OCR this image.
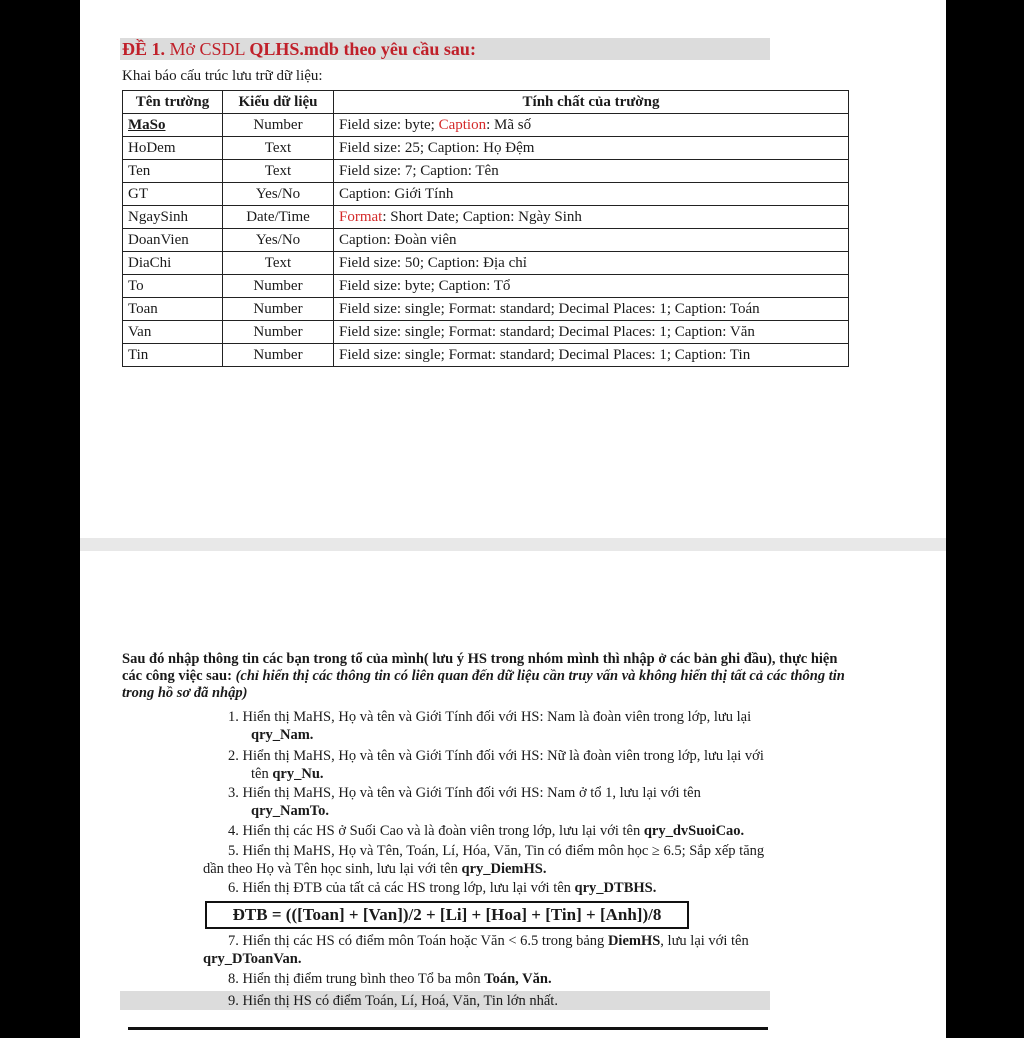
ĐỀ 1. Mở CSDL QLHS.mdb theo yêu cầu sau:
Khai báo cấu trúc lưu trữ dữ liệu:
Tên trường	Kiểu dữ liệu	Tính chất của trường
MaSo	Number	Field size: byte; Caption: Mã số
HoDem	Text	Field size: 25; Caption: Họ Đệm
Ten	Text	Field size: 7; Caption: Tên
GT	Yes/No	Caption: Giới Tính
NgaySinh	Date/Time	Format: Short Date; Caption: Ngày Sinh
DoanVien	Yes/No	Caption: Đoàn viên
DiaChi	Text	Field size: 50; Caption: Địa chỉ
To	Number	Field size: byte; Caption: Tổ
Toan	Number	Field size: single; Format: standard; Decimal Places: 1; Caption: Toán
Van	Number	Field size: single; Format: standard; Decimal Places: 1; Caption: Văn
Tin	Number	Field size: single; Format: standard; Decimal Places: 1; Caption: Tin
Sau đó nhập thông tin các bạn trong tổ của mình( lưu ý HS trong nhóm mình thì nhập ở các bản ghi đầu), thực hiện các công việc sau: (chỉ hiển thị các thông tin có liên quan đến dữ liệu cần truy vấn và không hiển thị tất cả các thông tin trong hồ sơ đã nhập)
1. Hiển thị MaHS, Họ và tên và Giới Tính đối với HS: Nam là đoàn viên trong lớp, lưu lại
qry_Nam.
2. Hiển thị MaHS, Họ và tên và Giới Tính đối với HS: Nữ là đoàn viên trong lớp, lưu lại với
tên qry_Nu.
3. Hiển thị MaHS, Họ và tên và Giới Tính đối với HS: Nam ở tổ 1, lưu lại với tên
qry_NamTo.
4. Hiển thị các HS ở Suối Cao và là đoàn viên trong lớp, lưu lại với tên qry_dvSuoiCao.
5. Hiển thị MaHS, Họ và Tên, Toán, Lí, Hóa, Văn, Tin có điểm môn học ≥ 6.5; Sắp xếp tăng
dần theo Họ và Tên học sinh, lưu lại với tên qry_DiemHS.
6. Hiển thị ĐTB của tất cả các HS trong lớp, lưu lại với tên qry_DTBHS.
ĐTB = (([Toan] + [Van])/2 + [Li] + [Hoa] + [Tin] + [Anh])/8
7. Hiển thị các HS có điểm môn Toán hoặc Văn < 6.5 trong bảng DiemHS, lưu lại với tên
qry_DToanVan.
8. Hiển thị điểm trung bình theo Tổ ba môn Toán, Văn.
9. Hiển thị HS có điểm Toán, Lí, Hoá, Văn, Tin lớn nhất.
